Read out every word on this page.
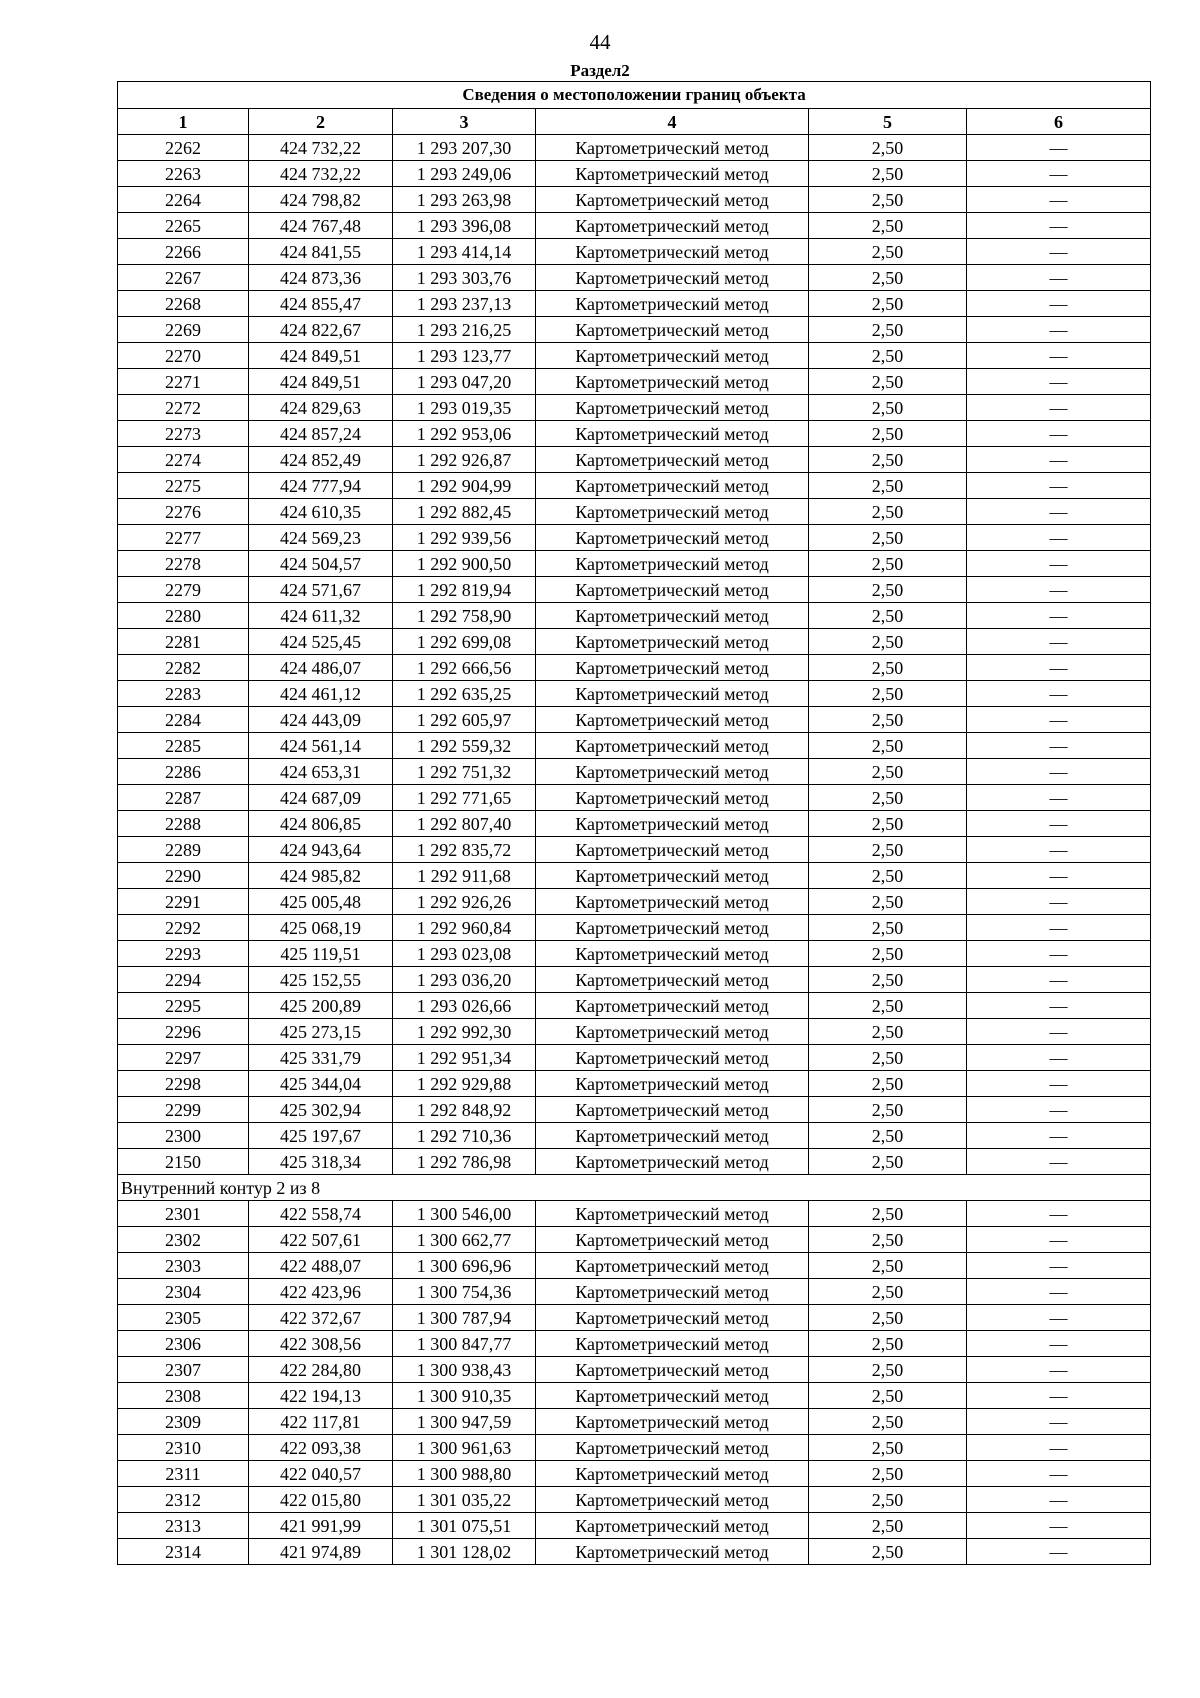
44
Раздел2
Сведения о местоположении границ объекта					
1	2	3	4	5	6
2262	424 732,22	1 293 207,30	Картометрический метод	2,50	—
2263	424 732,22	1 293 249,06	Картометрический метод	2,50	—
2264	424 798,82	1 293 263,98	Картометрический метод	2,50	—
2265	424 767,48	1 293 396,08	Картометрический метод	2,50	—
2266	424 841,55	1 293 414,14	Картометрический метод	2,50	—
2267	424 873,36	1 293 303,76	Картометрический метод	2,50	—
2268	424 855,47	1 293 237,13	Картометрический метод	2,50	—
2269	424 822,67	1 293 216,25	Картометрический метод	2,50	—
2270	424 849,51	1 293 123,77	Картометрический метод	2,50	—
2271	424 849,51	1 293 047,20	Картометрический метод	2,50	—
2272	424 829,63	1 293 019,35	Картометрический метод	2,50	—
2273	424 857,24	1 292 953,06	Картометрический метод	2,50	—
2274	424 852,49	1 292 926,87	Картометрический метод	2,50	—
2275	424 777,94	1 292 904,99	Картометрический метод	2,50	—
2276	424 610,35	1 292 882,45	Картометрический метод	2,50	—
2277	424 569,23	1 292 939,56	Картометрический метод	2,50	—
2278	424 504,57	1 292 900,50	Картометрический метод	2,50	—
2279	424 571,67	1 292 819,94	Картометрический метод	2,50	—
2280	424 611,32	1 292 758,90	Картометрический метод	2,50	—
2281	424 525,45	1 292 699,08	Картометрический метод	2,50	—
2282	424 486,07	1 292 666,56	Картометрический метод	2,50	—
2283	424 461,12	1 292 635,25	Картометрический метод	2,50	—
2284	424 443,09	1 292 605,97	Картометрический метод	2,50	—
2285	424 561,14	1 292 559,32	Картометрический метод	2,50	—
2286	424 653,31	1 292 751,32	Картометрический метод	2,50	—
2287	424 687,09	1 292 771,65	Картометрический метод	2,50	—
2288	424 806,85	1 292 807,40	Картометрический метод	2,50	—
2289	424 943,64	1 292 835,72	Картометрический метод	2,50	—
2290	424 985,82	1 292 911,68	Картометрический метод	2,50	—
2291	425 005,48	1 292 926,26	Картометрический метод	2,50	—
2292	425 068,19	1 292 960,84	Картометрический метод	2,50	—
2293	425 119,51	1 293 023,08	Картометрический метод	2,50	—
2294	425 152,55	1 293 036,20	Картометрический метод	2,50	—
2295	425 200,89	1 293 026,66	Картометрический метод	2,50	—
2296	425 273,15	1 292 992,30	Картометрический метод	2,50	—
2297	425 331,79	1 292 951,34	Картометрический метод	2,50	—
2298	425 344,04	1 292 929,88	Картометрический метод	2,50	—
2299	425 302,94	1 292 848,92	Картометрический метод	2,50	—
2300	425 197,67	1 292 710,36	Картометрический метод	2,50	—
2150	425 318,34	1 292 786,98	Картометрический метод	2,50	—
Внутренний контур 2 из 8					
2301	422 558,74	1 300 546,00	Картометрический метод	2,50	—
2302	422 507,61	1 300 662,77	Картометрический метод	2,50	—
2303	422 488,07	1 300 696,96	Картометрический метод	2,50	—
2304	422 423,96	1 300 754,36	Картометрический метод	2,50	—
2305	422 372,67	1 300 787,94	Картометрический метод	2,50	—
2306	422 308,56	1 300 847,77	Картометрический метод	2,50	—
2307	422 284,80	1 300 938,43	Картометрический метод	2,50	—
2308	422 194,13	1 300 910,35	Картометрический метод	2,50	—
2309	422 117,81	1 300 947,59	Картометрический метод	2,50	—
2310	422 093,38	1 300 961,63	Картометрический метод	2,50	—
2311	422 040,57	1 300 988,80	Картометрический метод	2,50	—
2312	422 015,80	1 301 035,22	Картометрический метод	2,50	—
2313	421 991,99	1 301 075,51	Картометрический метод	2,50	—
2314	421 974,89	1 301 128,02	Картометрический метод	2,50	—
